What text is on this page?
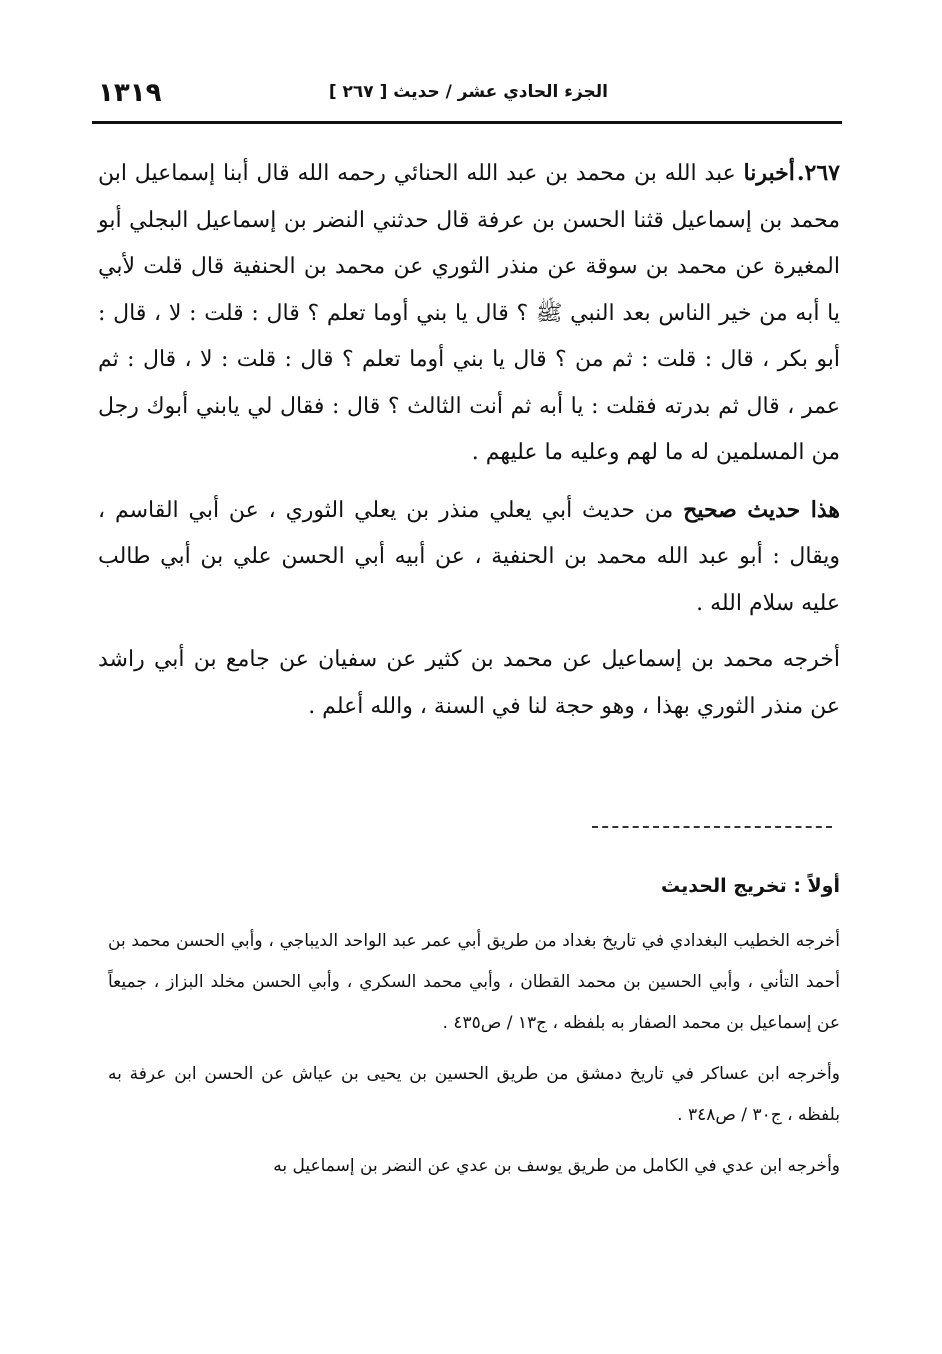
١٣١٩	الجزء الحادي عشر / حديث [ ٢٦٧ ]

٢٦٧.أخبرنا عبد الله بن محمد بن عبد الله الحنائي رحمه الله قال أبنا إسماعيل ابن محمد بن إسماعيل قثنا الحسن بن عرفة قال حدثني النضر بن إسماعيل البجلي أبو المغيرة عن محمد بن سوقة عن منذر الثوري عن محمد بن الحنفية قال قلت لأبي يا أبه من خير الناس بعد النبي ﷺ ؟ قال يا بني أوما تعلم ؟ قال : قلت : لا ، قال : أبو بكر ، قال : قلت : ثم من ؟ قال يا بني أوما تعلم ؟ قال : قلت : لا ، قال : ثم عمر ، قال ثم بدرته فقلت : يا أبه ثم أنت الثالث ؟ قال : فقال لي يابني أبوك رجل من المسلمين له ما لهم وعليه ما عليهم .

هذا حديث صحيح من حديث أبي يعلي منذر بن يعلي الثوري ، عن أبي القاسم ، ويقال : أبو عبد الله محمد بن الحنفية ، عن أبيه أبي الحسن علي بن أبي طالب عليه سلام الله .

أخرجه محمد بن إسماعيل عن محمد بن كثير عن سفيان عن جامع بن أبي راشد عن منذر الثوري بهذا ، وهو حجة لنا في السنة ، والله أعلم .

أولاً : تخريج الحديث

أخرجه الخطيب البغدادي في تاريخ بغداد من طريق أبي عمر عبد الواحد الديباجي ، وأبي الحسن محمد بن أحمد التأني ، وأبي الحسين بن محمد القطان ، وأبي محمد السكري ، وأبي الحسن مخلد البزاز ، جميعاً عن إسماعيل بن محمد الصفار به بلفظه ، ج١٣ / ص٤٣٥ .

وأخرجه ابن عساكر في تاريخ دمشق من طريق الحسين بن يحيى بن عياش عن الحسن ابن عرفة به بلفظه ، ج٣٠ / ص٣٤٨ .

وأخرجه ابن عدي في الكامل من طريق يوسف بن عدي عن النضر بن إسماعيل به
